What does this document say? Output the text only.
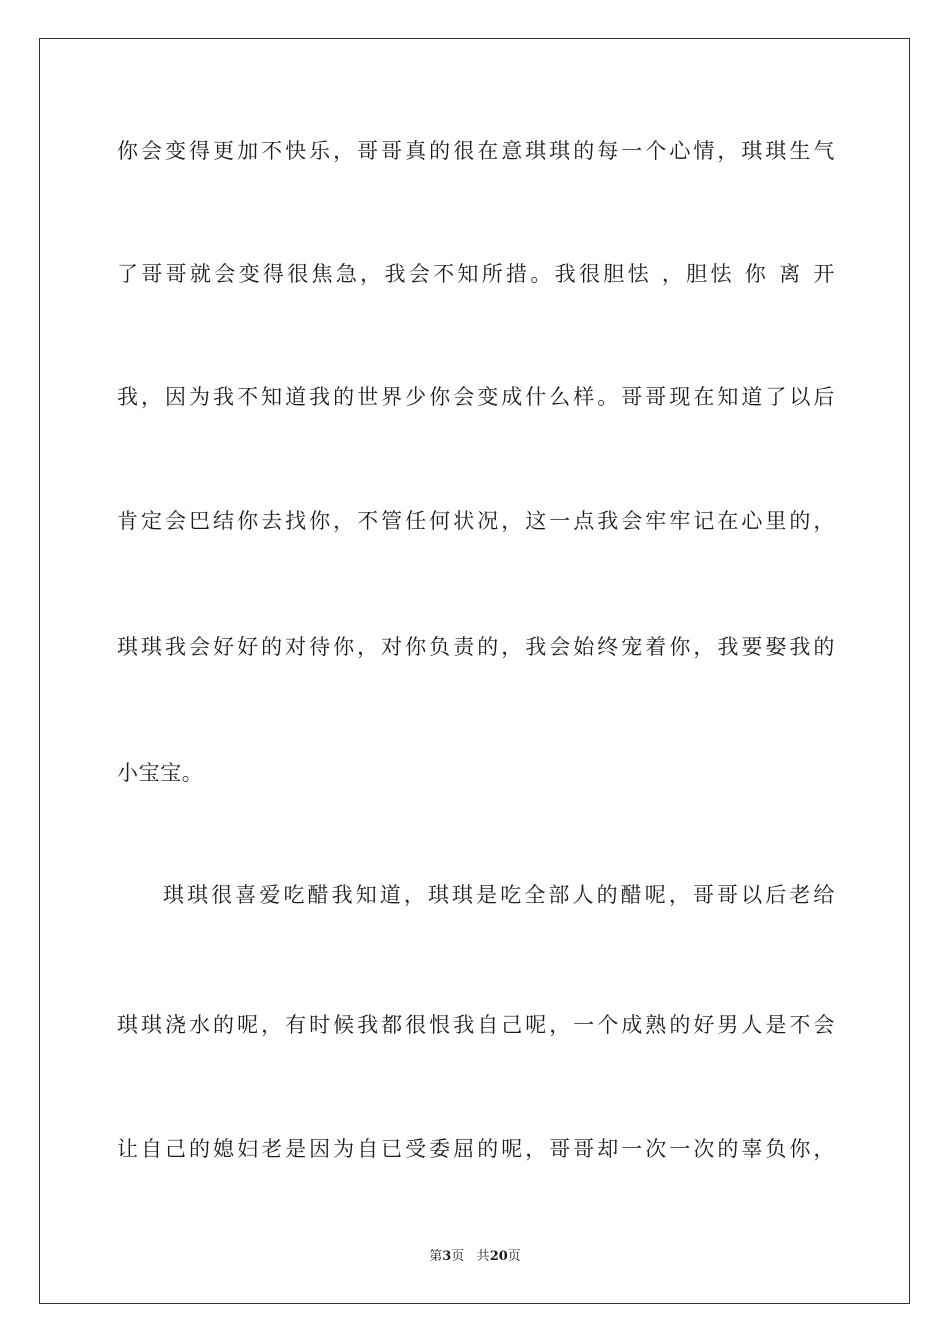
你会变得更加不快乐，哥哥真的很在意琪琪的每一个心情，琪琪生气
了哥哥就会变得很焦急，我会不知所措。我很胆怯 ，胆怯 你 离 开
我，因为我不知道我的世界少你会变成什么样。哥哥现在知道了以后
肯定会巴结你去找你，不管任何状况，这一点我会牢牢记在心里的，
琪琪我会好好的对待你，对你负责的，我会始终宠着你，我要娶我的
小宝宝。
琪琪很喜爱吃醋我知道，琪琪是吃全部人的醋呢，哥哥以后老给
琪琪浇水的呢，有时候我都很恨我自己呢，一个成熟的好男人是不会
让自己的媳妇老是因为自已受委屈的呢，哥哥却一次一次的辜负你，
第3页 共20页
